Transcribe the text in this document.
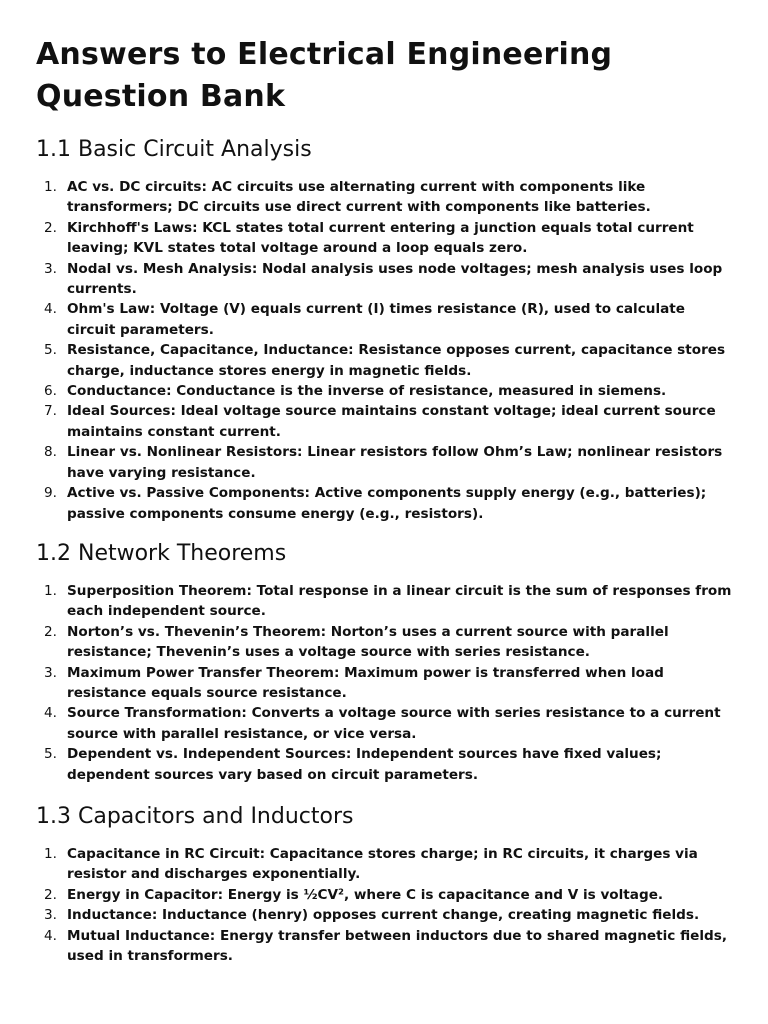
Answers to Electrical Engineering Question Bank
1.1 Basic Circuit Analysis
1. AC vs. DC circuits: AC circuits use alternating current with components like transformers; DC circuits use direct current with components like batteries.
2. Kirchhoff's Laws: KCL states total current entering a junction equals total current leaving; KVL states total voltage around a loop equals zero.
3. Nodal vs. Mesh Analysis: Nodal analysis uses node voltages; mesh analysis uses loop currents.
4. Ohm's Law: Voltage (V) equals current (I) times resistance (R), used to calculate circuit parameters.
5. Resistance, Capacitance, Inductance: Resistance opposes current, capacitance stores charge, inductance stores energy in magnetic fields.
6. Conductance: Conductance is the inverse of resistance, measured in siemens.
7. Ideal Sources: Ideal voltage source maintains constant voltage; ideal current source maintains constant current.
8. Linear vs. Nonlinear Resistors: Linear resistors follow Ohm’s Law; nonlinear resistors have varying resistance.
9. Active vs. Passive Components: Active components supply energy (e.g., batteries); passive components consume energy (e.g., resistors).
1.2 Network Theorems
1. Superposition Theorem: Total response in a linear circuit is the sum of responses from each independent source.
2. Norton’s vs. Thevenin’s Theorem: Norton’s uses a current source with parallel resistance; Thevenin’s uses a voltage source with series resistance.
3. Maximum Power Transfer Theorem: Maximum power is transferred when load resistance equals source resistance.
4. Source Transformation: Converts a voltage source with series resistance to a current source with parallel resistance, or vice versa.
5. Dependent vs. Independent Sources: Independent sources have fixed values; dependent sources vary based on circuit parameters.
1.3 Capacitors and Inductors
1. Capacitance in RC Circuit: Capacitance stores charge; in RC circuits, it charges via resistor and discharges exponentially.
2. Energy in Capacitor: Energy is ½CV², where C is capacitance and V is voltage.
3. Inductance: Inductance (henry) opposes current change, creating magnetic fields.
4. Mutual Inductance: Energy transfer between inductors due to shared magnetic fields, used in transformers.
